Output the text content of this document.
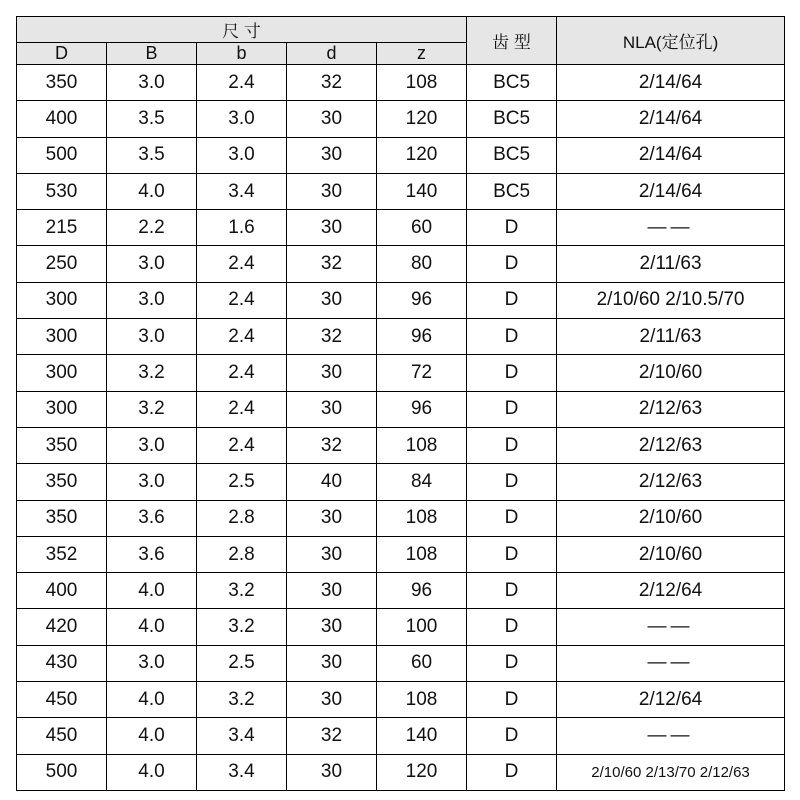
尺 寸					齿 型	NLA(定位孔)
D	B	b	d	z		
350	3.0	2.4	32	108	BC5	2/14/64
400	3.5	3.0	30	120	BC5	2/14/64
500	3.5	3.0	30	120	BC5	2/14/64
530	4.0	3.4	30	140	BC5	2/14/64
215	2.2	1.6	30	60	D	——
250	3.0	2.4	32	80	D	2/11/63
300	3.0	2.4	30	96	D	2/10/60 2/10.5/70
300	3.0	2.4	32	96	D	2/11/63
300	3.2	2.4	30	72	D	2/10/60
300	3.2	2.4	30	96	D	2/12/63
350	3.0	2.4	32	108	D	2/12/63
350	3.0	2.5	40	84	D	2/12/63
350	3.6	2.8	30	108	D	2/10/60
352	3.6	2.8	30	108	D	2/10/60
400	4.0	3.2	30	96	D	2/12/64
420	4.0	3.2	30	100	D	——
430	3.0	2.5	30	60	D	——
450	4.0	3.2	30	108	D	2/12/64
450	4.0	3.4	32	140	D	——
500	4.0	3.4	30	120	D	2/10/60 2/13/70 2/12/63
